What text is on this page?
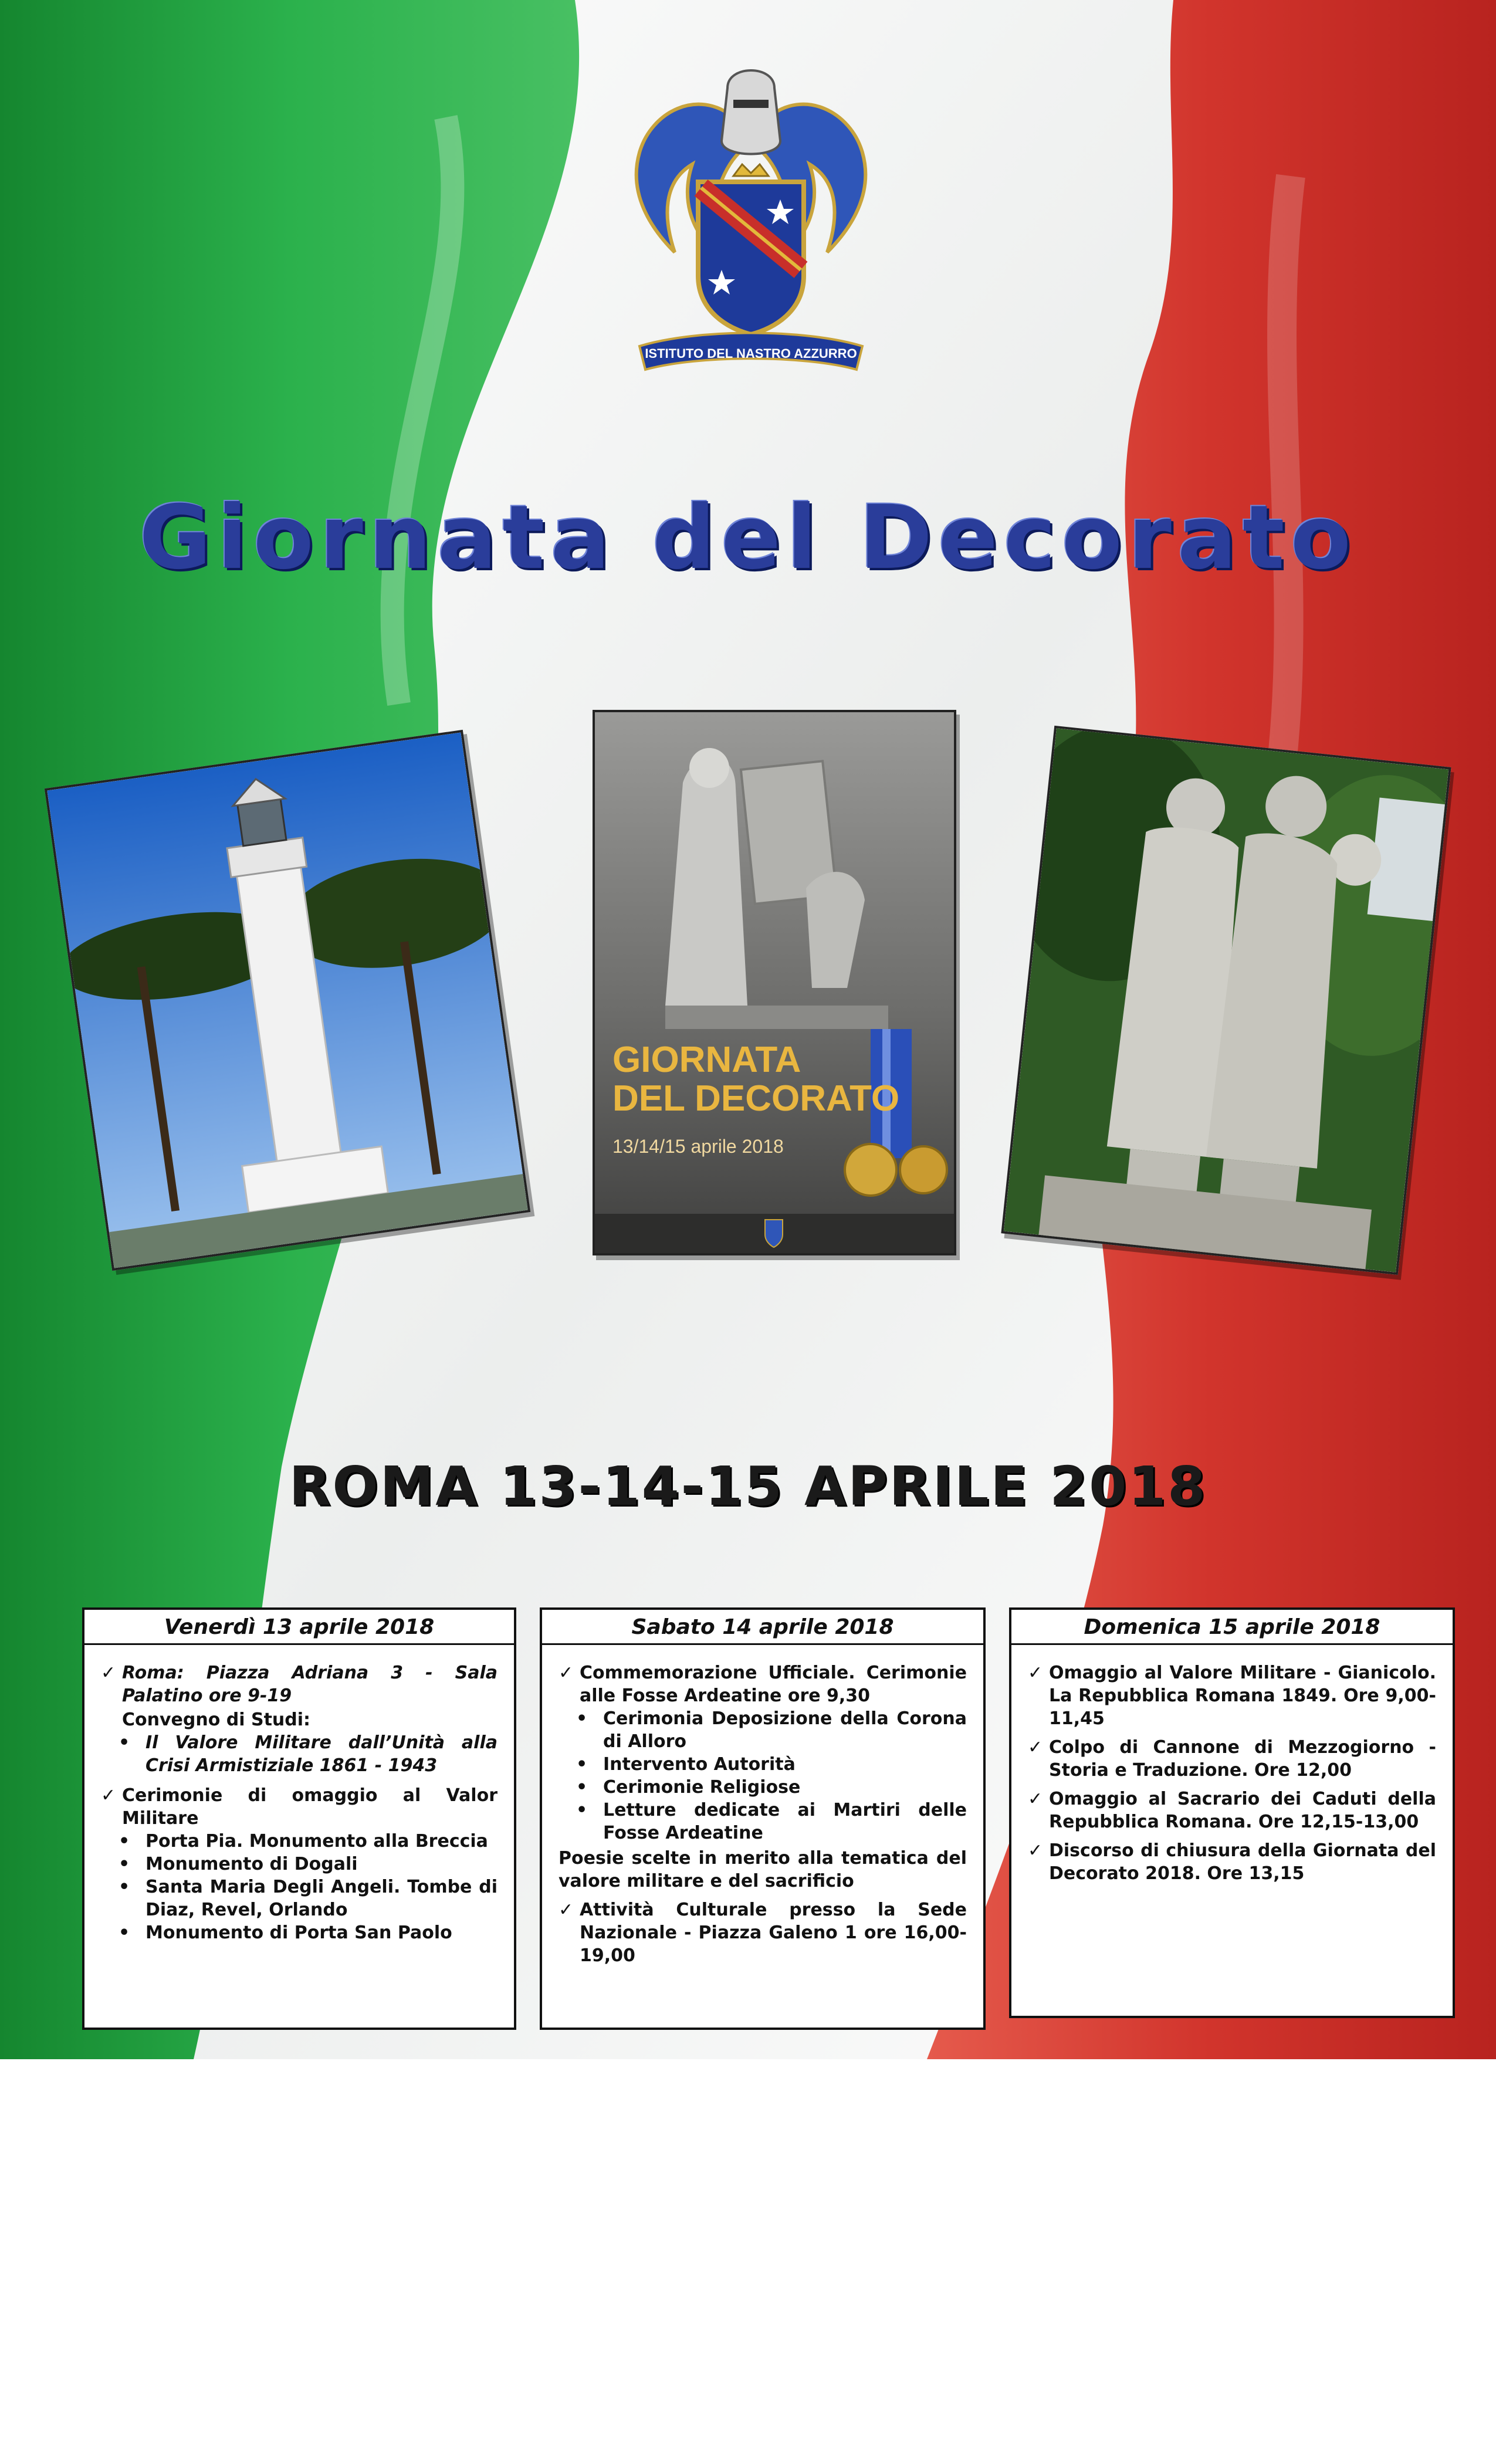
ISTITUTO DEL NASTRO AZZURRO
Giornata del Decorato
GIORNATA
DEL DECORATO
13/14/15 aprile 2018
ROMA 13-14-15 APRILE 2018
Venerdì 13 aprile 2018
✓ Roma: Piazza Adriana 3 - Sala Palatino ore 9-19
Convegno di Studi:
• Il Valore Militare dall’Unità alla Crisi Armistiziale 1861 - 1943
✓ Cerimonie di omaggio al Valor Militare
• Porta Pia. Monumento alla Breccia
• Monumento di Dogali
• Santa Maria Degli Angeli. Tombe di Diaz, Revel, Orlando
• Monumento di Porta San Paolo
Sabato 14 aprile 2018
✓ Commemorazione Ufficiale. Cerimonie alle Fosse Ardeatine ore 9,30
• Cerimonia Deposizione della Corona di Alloro
• Intervento Autorità
• Cerimonie Religiose
• Letture dedicate ai Martiri delle Fosse Ardeatine
Poesie scelte in merito alla tematica del valore militare e del sacrificio
✓ Attività Culturale presso la Sede Nazionale - Piazza Galeno 1 ore 16,00-19,00
Domenica 15 aprile 2018
✓ Omaggio al Valore Militare - Gianicolo. La Repubblica Romana 1849. Ore 9,00-11,45
✓ Colpo di Cannone di Mezzogiorno - Storia e Traduzione. Ore 12,00
✓ Omaggio al Sacrario dei Caduti della Repubblica Romana. Ore 12,15-13,00
✓ Discorso di chiusura della Giornata del Decorato 2018. Ore 13,15
